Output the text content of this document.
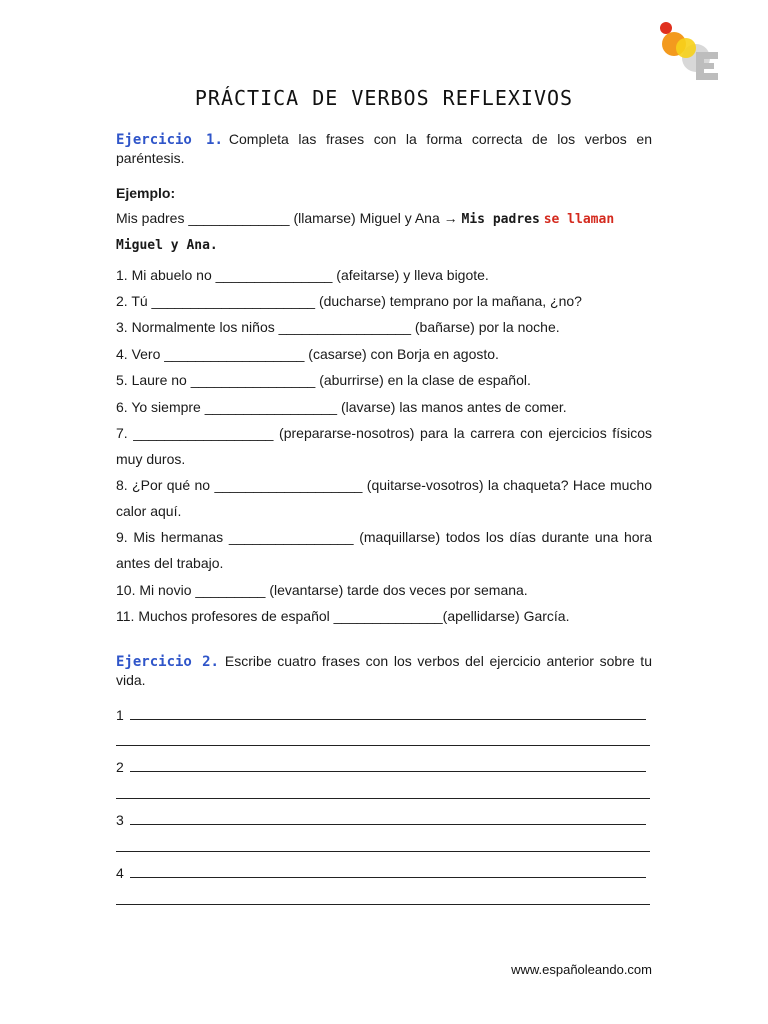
PRÁCTICA DE VERBOS REFLEXIVOS
Ejercicio 1. Completa las frases con la forma correcta de los verbos en paréntesis.
Ejemplo:
Mis padres _____________ (llamarse) Miguel y Ana → Mis padres se llaman
Miguel y Ana.
1. Mi abuelo no _______________ (afeitarse) y lleva bigote.
2. Tú _____________________ (ducharse) temprano por la mañana, ¿no?
3. Normalmente los niños _________________ (bañarse) por la noche.
4. Vero __________________ (casarse) con Borja en agosto.
5. Laure no ________________ (aburrirse) en la clase de español.
6. Yo siempre _________________ (lavarse) las manos antes de comer.
7. __________________ (prepararse-nosotros) para la carrera con ejercicios físicos muy duros.
8. ¿Por qué no ___________________ (quitarse-vosotros) la chaqueta? Hace mucho calor aquí.
9. Mis hermanas ________________ (maquillarse) todos los días durante una hora antes del trabajo.
10. Mi novio _________ (levantarse) tarde dos veces por semana.
11. Muchos profesores de español ______________(apellidarse) García.
Ejercicio 2. Escribe cuatro frases con los verbos del ejercicio anterior sobre tu vida.
1
2
3
4
www.españoleando.com
